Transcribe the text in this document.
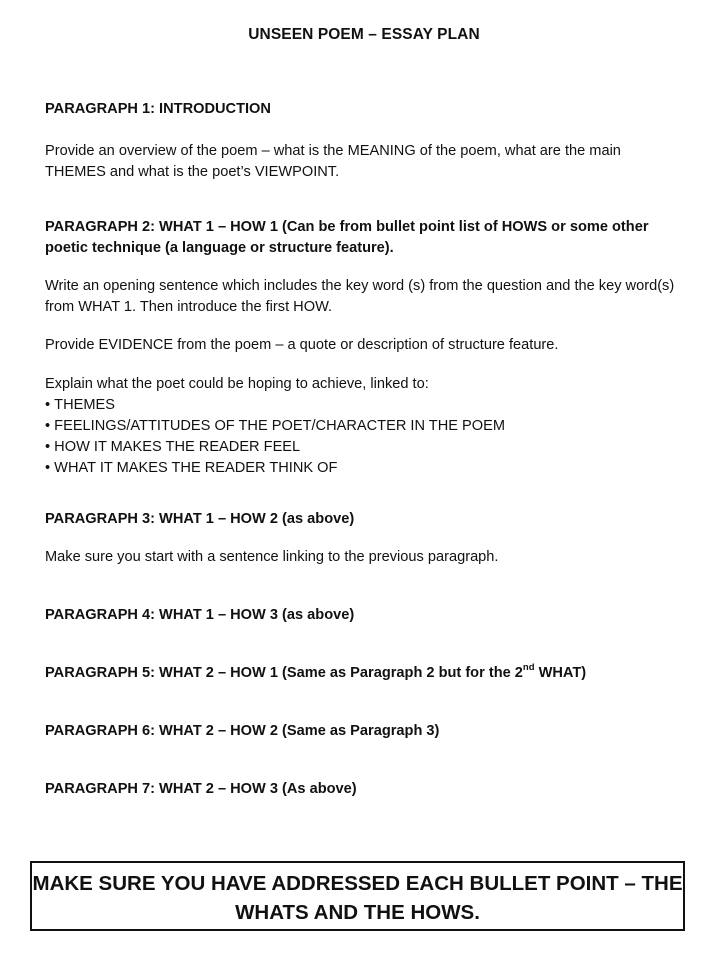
UNSEEN POEM – ESSAY PLAN

PARAGRAPH 1: INTRODUCTION

Provide an overview of the poem – what is the MEANING of the poem, what are the main THEMES and what is the poet’s VIEWPOINT.

PARAGRAPH 2: WHAT 1 – HOW 1 (Can be from bullet point list of HOWS or some other poetic technique (a language or structure feature).

Write an opening sentence which includes the key word (s) from the question and the key word(s) from WHAT 1. Then introduce the first HOW.

Provide EVIDENCE from the poem – a quote or description of structure feature.

Explain what the poet could be hoping to achieve, linked to:

• THEMES
• FEELINGS/ATTITUDES OF THE POET/CHARACTER IN THE POEM
• HOW IT MAKES THE READER FEEL
• WHAT IT MAKES THE READER THINK OF

PARAGRAPH 3: WHAT 1 – HOW 2 (as above)

Make sure you start with a sentence linking to the previous paragraph.

PARAGRAPH 4: WHAT 1 – HOW 3 (as above)

PARAGRAPH 5: WHAT 2 – HOW 1 (Same as Paragraph 2 but for the 2nd WHAT)

PARAGRAPH 6: WHAT 2 – HOW 2 (Same as Paragraph 3)

PARAGRAPH 7: WHAT 2 – HOW 3 (As above)

MAKE SURE YOU HAVE ADDRESSED EACH BULLET POINT – THE WHATS AND THE HOWS.
